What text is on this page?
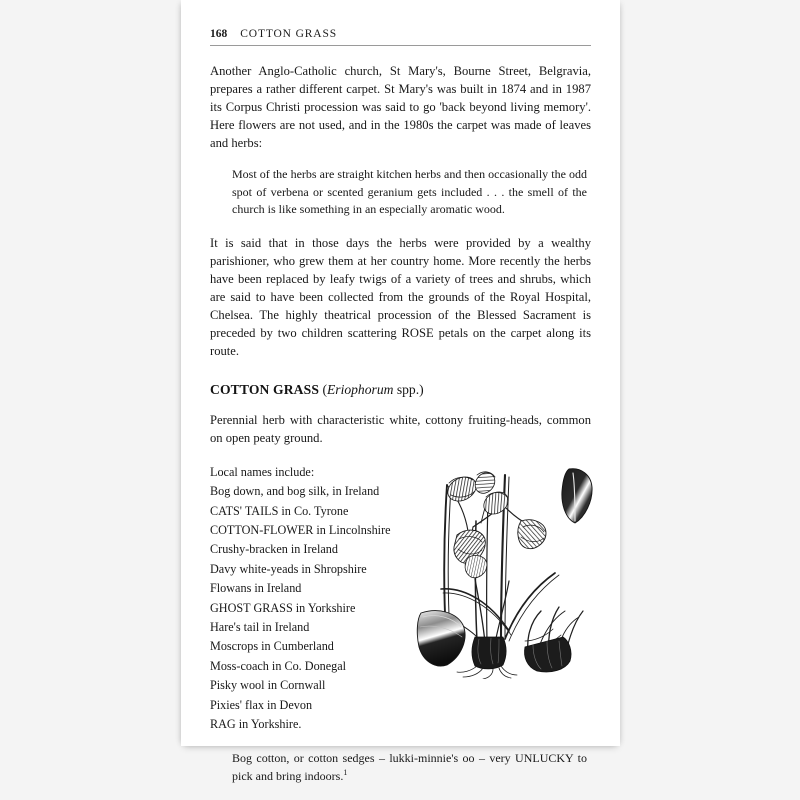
168 COTTON GRASS

Another Anglo-Catholic church, St Mary's, Bourne Street, Belgravia, prepares a rather different carpet. St Mary's was built in 1874 and in 1987 its Corpus Christi procession was said to go 'back beyond living memory'. Here flowers are not used, and in the 1980s the carpet was made of leaves and herbs:

Most of the herbs are straight kitchen herbs and then occasionally the odd spot of verbena or scented geranium gets included . . . the smell of the church is like something in an especially aromatic wood.

It is said that in those days the herbs were provided by a wealthy parishioner, who grew them at her country home. More recently the herbs have been replaced by leafy twigs of a variety of trees and shrubs, which are said to have been collected from the grounds of the Royal Hospital, Chelsea. The highly theatrical procession of the Blessed Sacrament is preceded by two children scattering ROSE petals on the carpet along its route.

COTTON GRASS (Eriophorum spp.)

Perennial herb with characteristic white, cottony fruiting-heads, common on open peaty ground.

Local names include:
Bog down, and bog silk, in Ireland
CATS' TAILS in Co. Tyrone
COTTON-FLOWER in Lincolnshire
Crushy-bracken in Ireland
Davy white-yeads in Shropshire
Flowans in Ireland
GHOST GRASS in Yorkshire
Hare's tail in Ireland
Moscrops in Cumberland
Moss-coach in Co. Donegal
Pisky wool in Cornwall
Pixies' flax in Devon
RAG in Yorkshire.
Bog cotton, or cotton sedges – lukki-minnie's oo – very UNLUCKY to pick and bring indoors.$^1$
